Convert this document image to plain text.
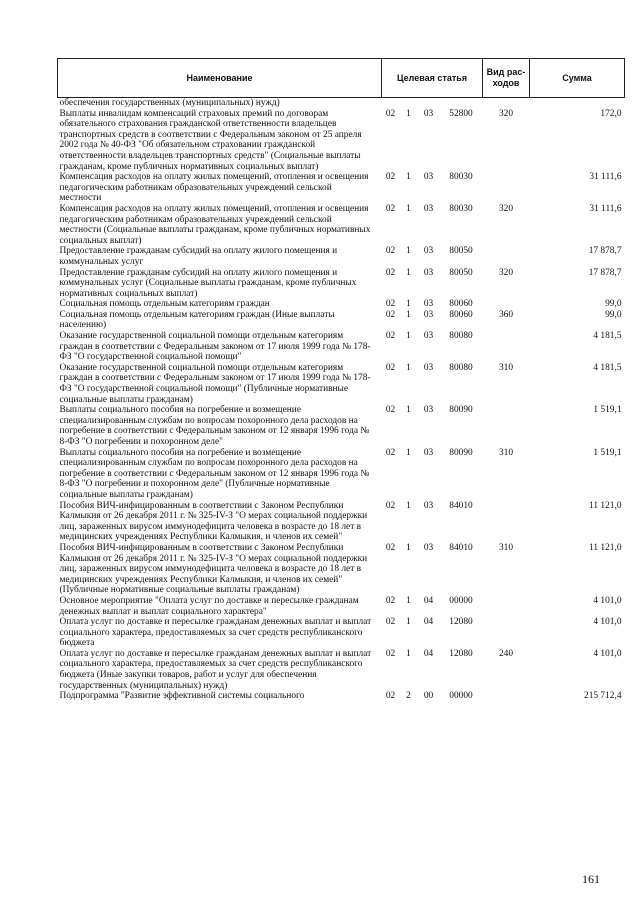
Наименование	Целевая статья				Вид рас-ходов	Сумма
обеспечения государственных (муниципальных) нужд)						
Выплаты инвалидам компенсаций страховых премий по договорам обязательного страхования гражданской ответственности владельцев транспортных средств в соответствии с Федеральным законом от 25 апреля 2002 года № 40-ФЗ "Об обязательном страховании гражданской ответственности владельцев транспортных средств" (Социальные выплаты гражданам, кроме публичных нормативных социальных выплат)	02	1	03	52800	320	172,0
Компенсация расходов на оплату жилых помещений, отопления и освещения педагогическим работникам образовательных учреждений сельской местности	02	1	03	80030		31 111,6
Компенсация расходов на оплату жилых помещений, отопления и освещения педагогическим работникам образовательных учреждений сельской местности (Социальные выплаты гражданам, кроме публичных нормативных социальных выплат)	02	1	03	80030	320	31 111,6
Предоставление гражданам субсидий на оплату жилого помещения и коммунальных услуг	02	1	03	80050		17 878,7
Предоставление гражданам субсидий на оплату жилого помещения и коммунальных услуг (Социальные выплаты гражданам, кроме публичных нормативных социальных выплат)	02	1	03	80050	320	17 878,7
Социальная помощь отдельным категориям граждан	02	1	03	80060		99,0
Социальная помощь отдельным категориям граждан (Иные выплаты населению)	02	1	03	80060	360	99,0
Оказание государственной социальной помощи отдельным категориям граждан в соответствии с Федеральным законом от 17 июля 1999 года № 178-ФЗ "О государственной социальной помощи"	02	1	03	80080		4 181,5
Оказание государственной социальной помощи отдельным категориям граждан в соответствии с Федеральным законом от 17 июля 1999 года № 178-ФЗ "О государственной социальной помощи" (Публичные нормативные социальные выплаты гражданам)	02	1	03	80080	310	4 181,5
Выплаты социального пособия на погребение и возмещение специализированным службам по вопросам похоронного дела расходов на погребение в соответствии с Федеральным законом от 12 января 1996 года № 8-ФЗ "О погребении и похоронном деле"	02	1	03	80090		1 519,1
Выплаты социального пособия на погребение и возмещение специализированным службам по вопросам похоронного дела расходов на погребение в соответствии с Федеральным законом от 12 января 1996 года № 8-ФЗ "О погребении и похоронном деле" (Публичные нормативные социальные выплаты гражданам)	02	1	03	80090	310	1 519,1
Пособия ВИЧ-инфицированным в соответствии с Законом Республики Калмыкия от 26 декабря 2011 г. № 325-IV-З "О мерах социальной поддержки лиц, зараженных вирусом иммунодефицита человека в возрасте до 18 лет в медицинских учреждениях Республики Калмыкия, и членов их семей"	02	1	03	84010		11 121,0
Пособия ВИЧ-инфицированным в соответствии с Законом Республики Калмыкия от 26 декабря 2011 г. № 325-IV-З "О мерах социальной поддержки лиц, зараженных вирусом иммунодефицита человека в возрасте до 18 лет в медицинских учреждениях Республики Калмыкия, и членов их семей" (Публичные нормативные социальные выплаты гражданам)	02	1	03	84010	310	11 121,0
Основное мероприятие "Оплата услуг по доставке и пересылке гражданам денежных выплат и выплат социального характера"	02	1	04	00000		4 101,0
Оплата услуг по доставке и пересылке гражданам денежных выплат и выплат социального характера, предоставляемых за счет средств республиканского бюджета	02	1	04	12080		4 101,0
Оплата услуг по доставке и пересылке гражданам денежных выплат и выплат социального характера, предоставляемых за счет средств республиканского бюджета (Иные закупки товаров, работ и услуг для обеспечения государственных (муниципальных) нужд)	02	1	04	12080	240	4 101,0
Подпрограмма "Развитие эффективной системы социального	02	2	00	00000		215 712,4
161
